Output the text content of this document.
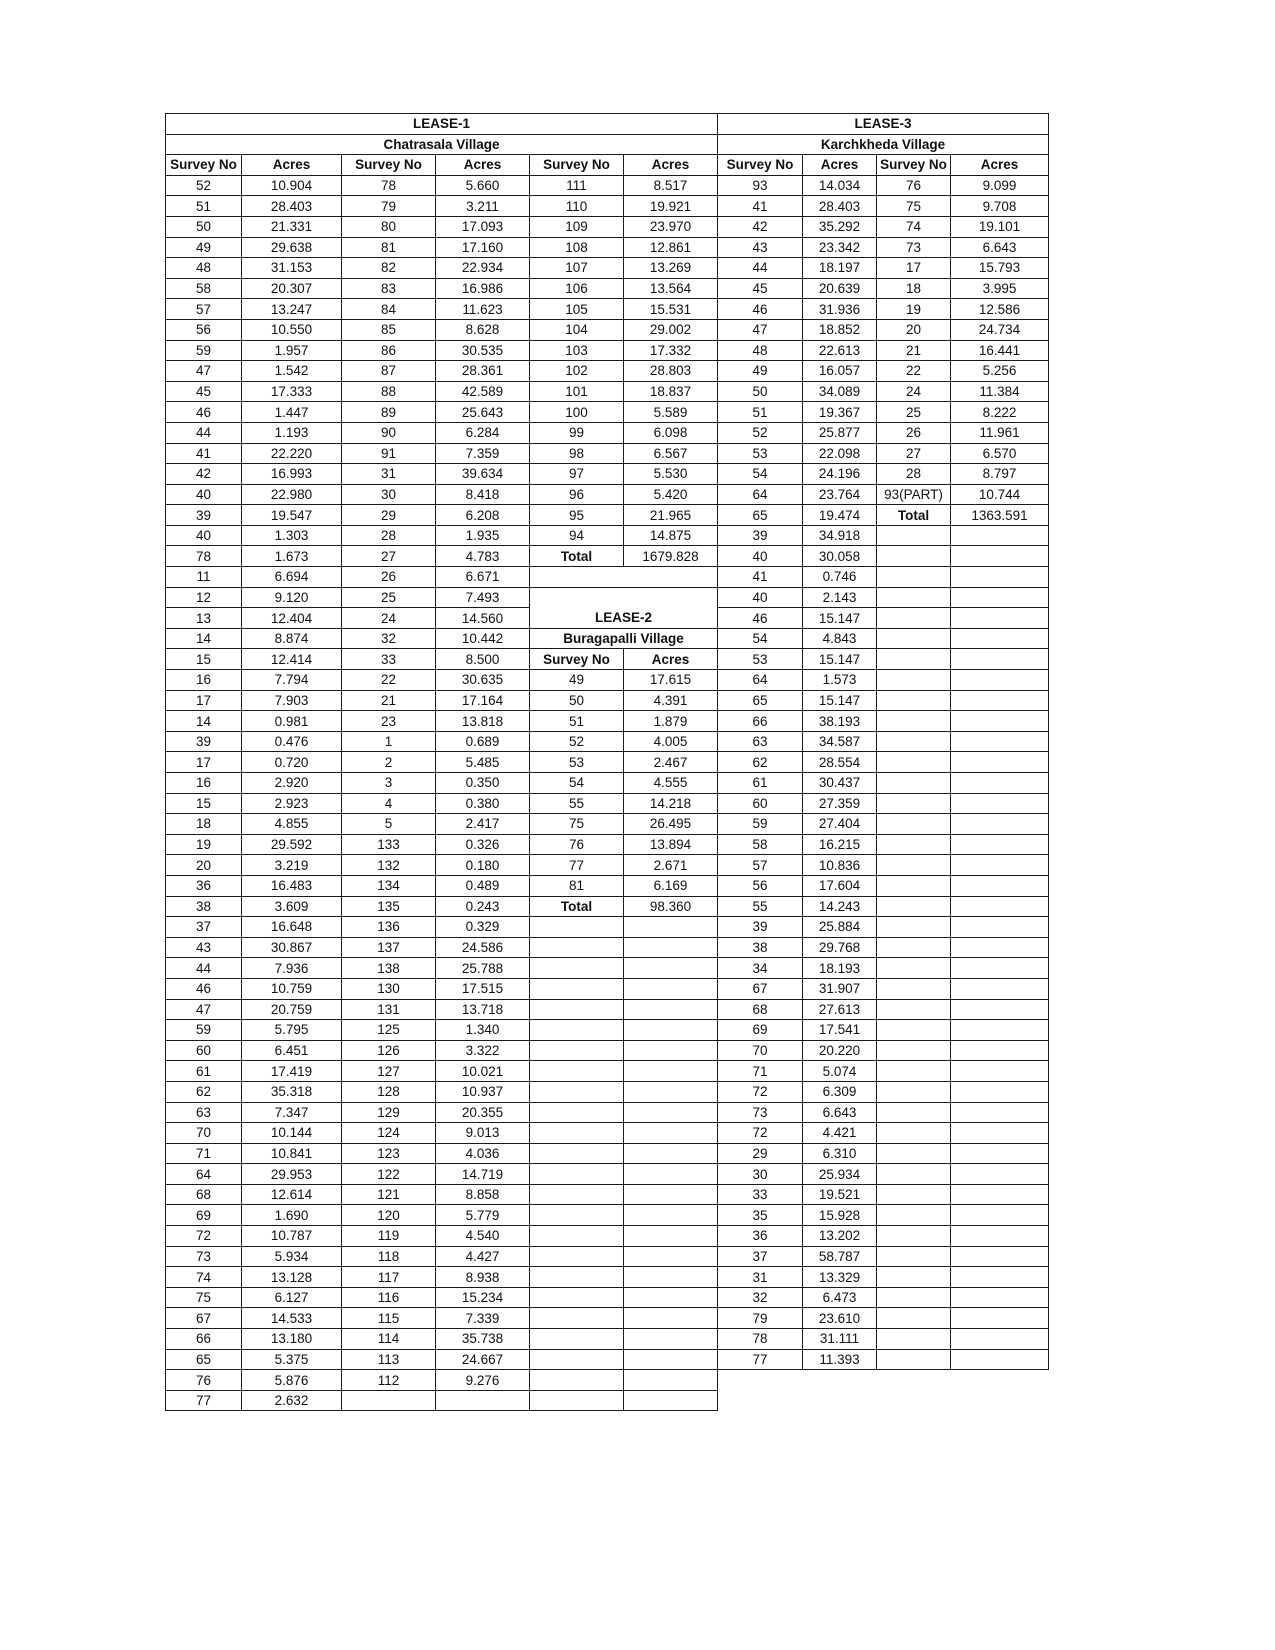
LEASE-1						LEASE-3			
Chatrasala Village						Karchkheda Village			
Survey No	Acres	Survey No	Acres	Survey No	Acres	Survey No	Acres	Survey No	Acres
52	10.904	78	5.660	111	8.517	93	14.034	76	9.099
51	28.403	79	3.211	110	19.921	41	28.403	75	9.708
50	21.331	80	17.093	109	23.970	42	35.292	74	19.101
49	29.638	81	17.160	108	12.861	43	23.342	73	6.643
48	31.153	82	22.934	107	13.269	44	18.197	17	15.793
58	20.307	83	16.986	106	13.564	45	20.639	18	3.995
57	13.247	84	11.623	105	15.531	46	31.936	19	12.586
56	10.550	85	8.628	104	29.002	47	18.852	20	24.734
59	1.957	86	30.535	103	17.332	48	22.613	21	16.441
47	1.542	87	28.361	102	28.803	49	16.057	22	5.256
45	17.333	88	42.589	101	18.837	50	34.089	24	11.384
46	1.447	89	25.643	100	5.589	51	19.367	25	8.222
44	1.193	90	6.284	99	6.098	52	25.877	26	11.961
41	22.220	91	7.359	98	6.567	53	22.098	27	6.570
42	16.993	31	39.634	97	5.530	54	24.196	28	8.797
40	22.980	30	8.418	96	5.420	64	23.764	93(PART)	10.744
39	19.547	29	6.208	95	21.965	65	19.474	Total	1363.591
40	1.303	28	1.935	94	14.875	39	34.918		
78	1.673	27	4.783	Total	1679.828	40	30.058		
11	6.694	26	6.671			41	0.746		
12	9.120	25	7.493			40	2.143		
13	12.404	24	14.560	LEASE-2		46	15.147		
14	8.874	32	10.442	Buragapalli Village		54	4.843		
15	12.414	33	8.500	Survey No	Acres	53	15.147		
16	7.794	22	30.635	49	17.615	64	1.573		
17	7.903	21	17.164	50	4.391	65	15.147		
14	0.981	23	13.818	51	1.879	66	38.193		
39	0.476	1	0.689	52	4.005	63	34.587		
17	0.720	2	5.485	53	2.467	62	28.554		
16	2.920	3	0.350	54	4.555	61	30.437		
15	2.923	4	0.380	55	14.218	60	27.359		
18	4.855	5	2.417	75	26.495	59	27.404		
19	29.592	133	0.326	76	13.894	58	16.215		
20	3.219	132	0.180	77	2.671	57	10.836		
36	16.483	134	0.489	81	6.169	56	17.604		
38	3.609	135	0.243	Total	98.360	55	14.243		
37	16.648	136	0.329			39	25.884		
43	30.867	137	24.586			38	29.768		
44	7.936	138	25.788			34	18.193		
46	10.759	130	17.515			67	31.907		
47	20.759	131	13.718			68	27.613		
59	5.795	125	1.340			69	17.541		
60	6.451	126	3.322			70	20.220		
61	17.419	127	10.021			71	5.074		
62	35.318	128	10.937			72	6.309		
63	7.347	129	20.355			73	6.643		
70	10.144	124	9.013			72	4.421		
71	10.841	123	4.036			29	6.310		
64	29.953	122	14.719			30	25.934		
68	12.614	121	8.858			33	19.521		
69	1.690	120	5.779			35	15.928		
72	10.787	119	4.540			36	13.202		
73	5.934	118	4.427			37	58.787		
74	13.128	117	8.938			31	13.329		
75	6.127	116	15.234			32	6.473		
67	14.533	115	7.339			79	23.610		
66	13.180	114	35.738			78	31.111		
65	5.375	113	24.667			77	11.393		
76	5.876	112	9.276						
77	2.632								
